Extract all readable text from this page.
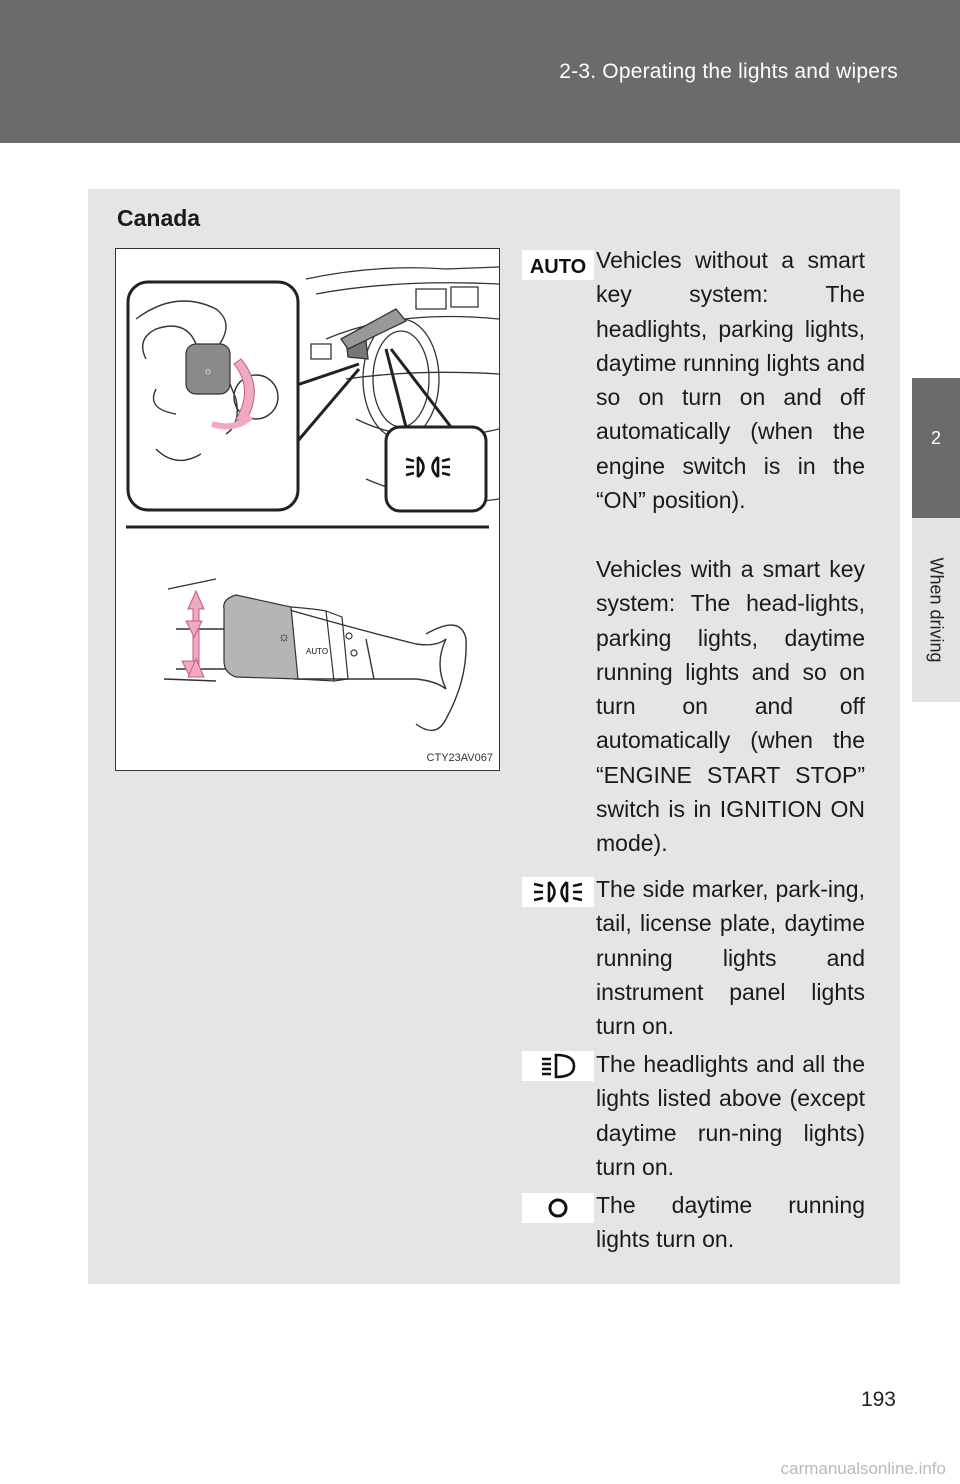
2-3. Operating the lights and wipers
2
When driving
Canada
☼
☼
AUTO
CTY23AV067
AUTO Vehicles without a smart key system: The headlights, parking lights, daytime running lights and so on turn on and off automatically (when the engine switch is in the “ON” position).

Vehicles with a smart key system: The head-lights, parking lights, daytime running lights and so on turn on and off automatically (when the “ENGINE START STOP” switch is in IGNITION ON mode).

The side marker, park-ing, tail, license plate, daytime running lights and instrument panel lights turn on.

The headlights and all the lights listed above (except daytime run-ning lights) turn on.

The daytime running lights turn on.

193
carmanualsonline.info
